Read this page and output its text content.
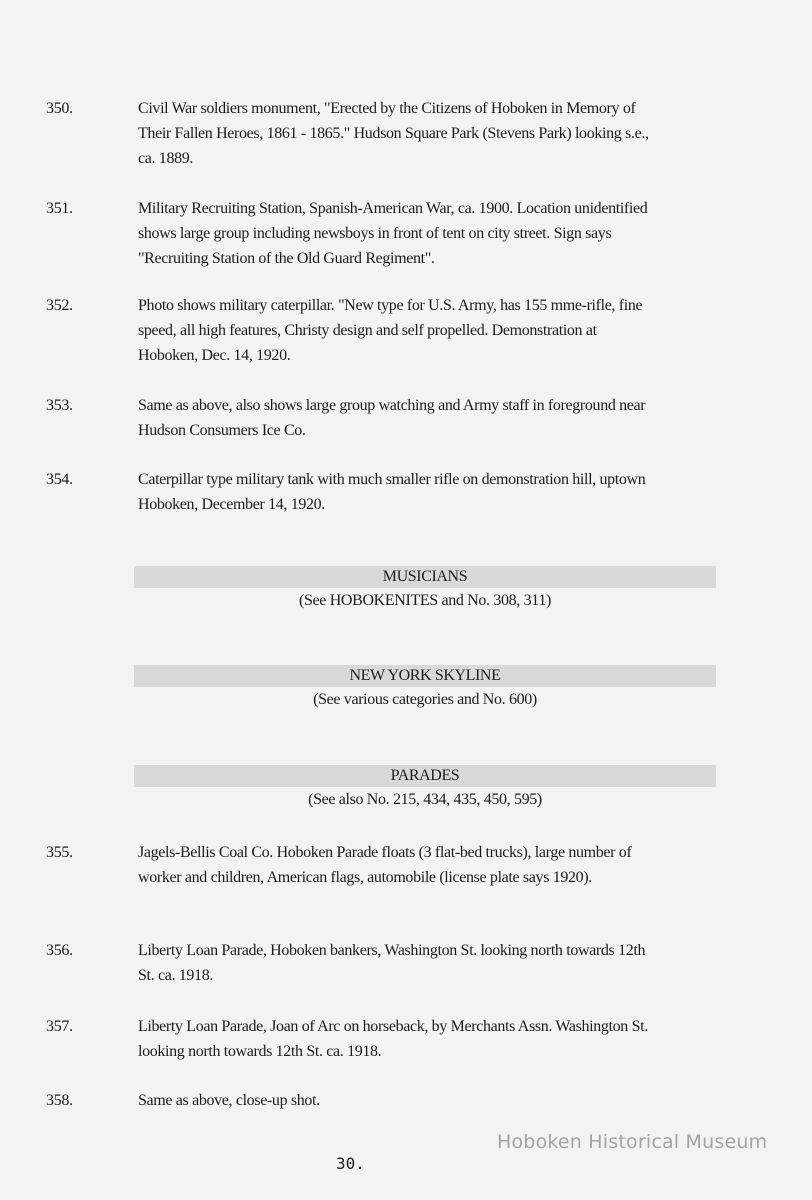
350.	Civil War soldiers monument, "Erected by the Citizens of Hoboken in Memory of Their Fallen Heroes, 1861 - 1865." Hudson Square Park (Stevens Park) looking s.e., ca. 1889.
351.	Military Recruiting Station, Spanish-American War, ca. 1900. Location unidentified shows large group including newsboys in front of tent on city street. Sign says "Recruiting Station of the Old Guard Regiment".
352.	Photo shows military caterpillar. "New type for U.S. Army, has 155 mme-rifle, fine speed, all high features, Christy design and self propelled. Demonstration at Hoboken, Dec. 14, 1920.
353.	Same as above, also shows large group watching and Army staff in foreground near Hudson Consumers Ice Co.
354.	Caterpillar type military tank with much smaller rifle on demonstration hill, uptown Hoboken, December 14, 1920.
MUSICIANS
(See HOBOKENITES and No. 308, 311)
NEW YORK SKYLINE
(See various categories and No. 600)
PARADES
(See also No. 215, 434, 435, 450, 595)
355.	Jagels-Bellis Coal Co. Hoboken Parade floats (3 flat-bed trucks), large number of worker and children, American flags, automobile (license plate says 1920).
356.	Liberty Loan Parade, Hoboken bankers, Washington St. looking north towards 12th St. ca. 1918.
357.	Liberty Loan Parade, Joan of Arc on horseback, by Merchants Assn. Washington St. looking north towards 12th St. ca. 1918.
358.	Same as above, close-up shot.
Hoboken Historical Museum
30.
